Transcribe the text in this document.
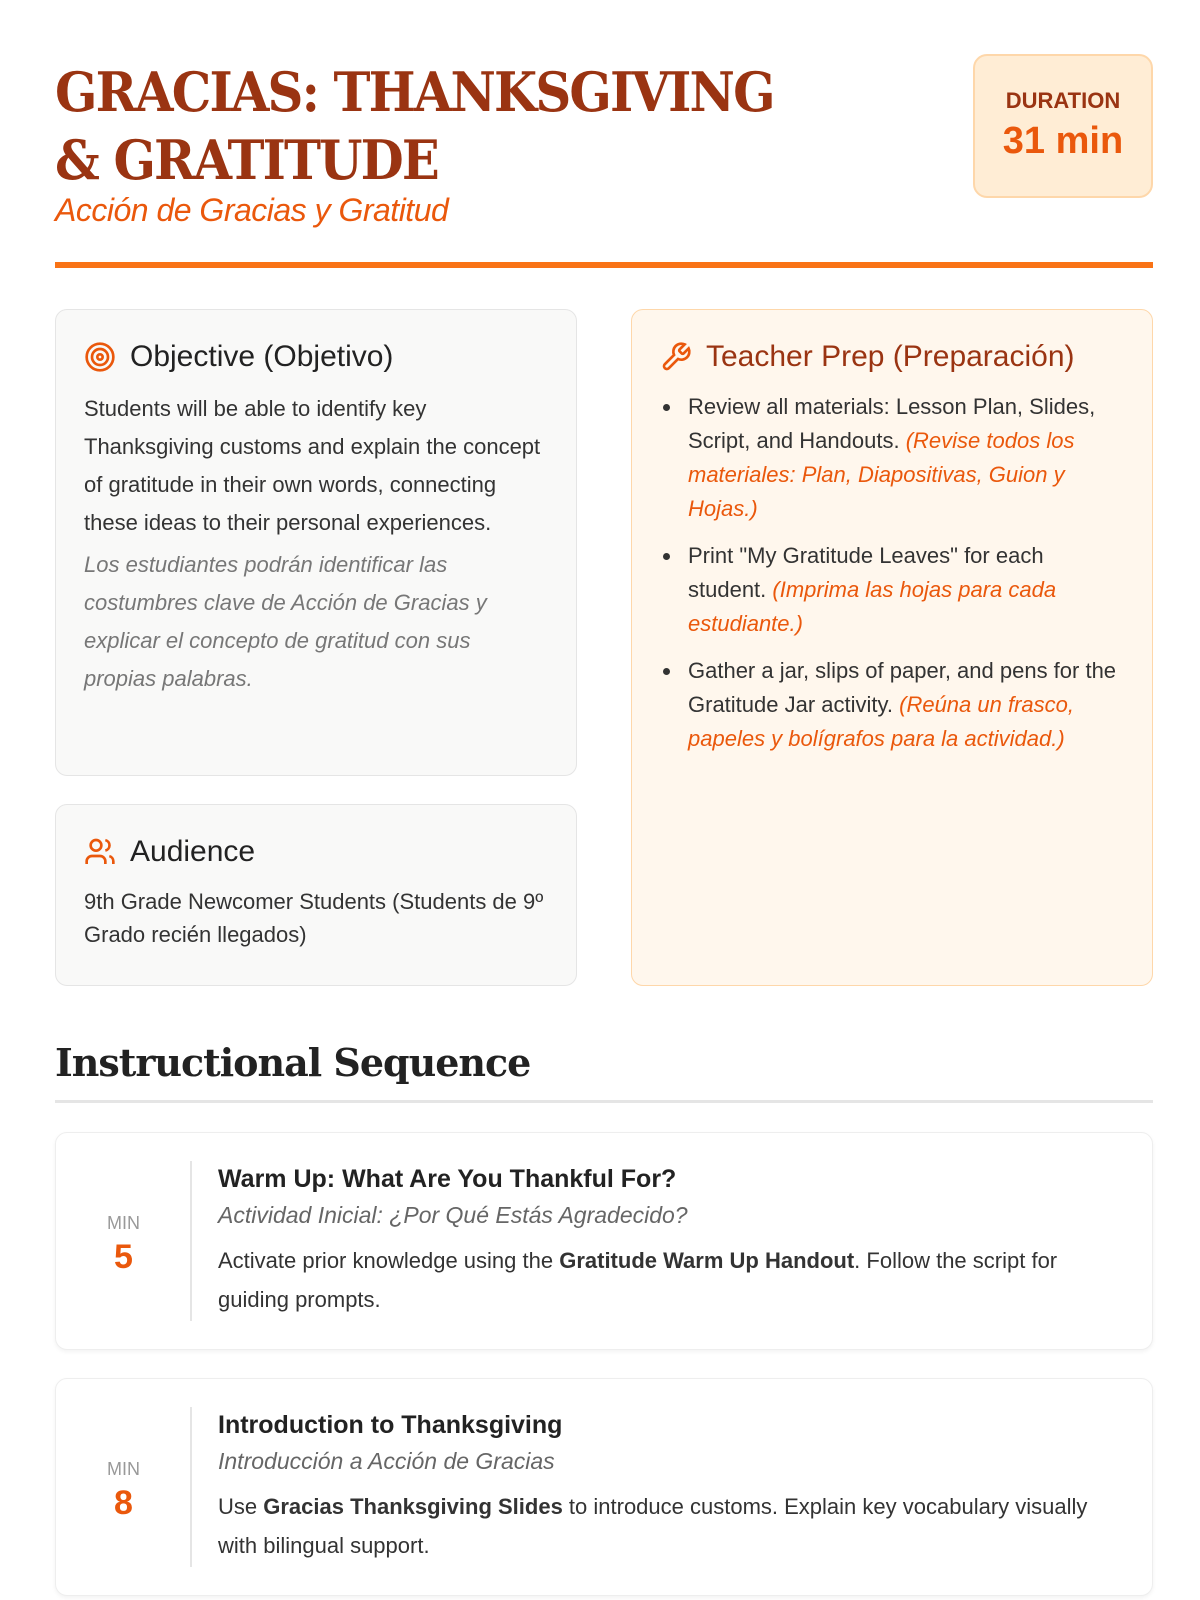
GRACIAS: THANKSGIVING & GRATITUDE
Acción de Gracias y Gratitud
DURATION
31 min
Objective (Objetivo)

Students will be able to identify key Thanksgiving customs and explain the concept of gratitude in their own words, connecting these ideas to their personal experiences.

Los estudiantes podrán identificar las costumbres clave de Acción de Gracias y explicar el concepto de gratitud con sus propias palabras.

Audience

9th Grade Newcomer Students (Students de 9º Grado recién llegados)

Teacher Prep (Preparación)
Review all materials: Lesson Plan, Slides, Script, and Handouts. (Revise todos los materiales: Plan, Diapositivas, Guion y Hojas.)
Print "My Gratitude Leaves" for each student. (Imprima las hojas para cada estudiante.)
Gather a jar, slips of paper, and pens for the Gratitude Jar activity. (Reúna un frasco, papeles y bolígrafos para la actividad.)
Instructional Sequence
MIN
5
Warm Up: What Are You Thankful For?
Actividad Inicial: ¿Por Qué Estás Agradecido?
Activate prior knowledge using the Gratitude Warm Up Handout. Follow the script for guiding prompts.
MIN
8
Introduction to Thanksgiving
Introducción a Acción de Gracias
Use Gracias Thanksgiving Slides to introduce customs. Explain key vocabulary visually with bilingual support.
